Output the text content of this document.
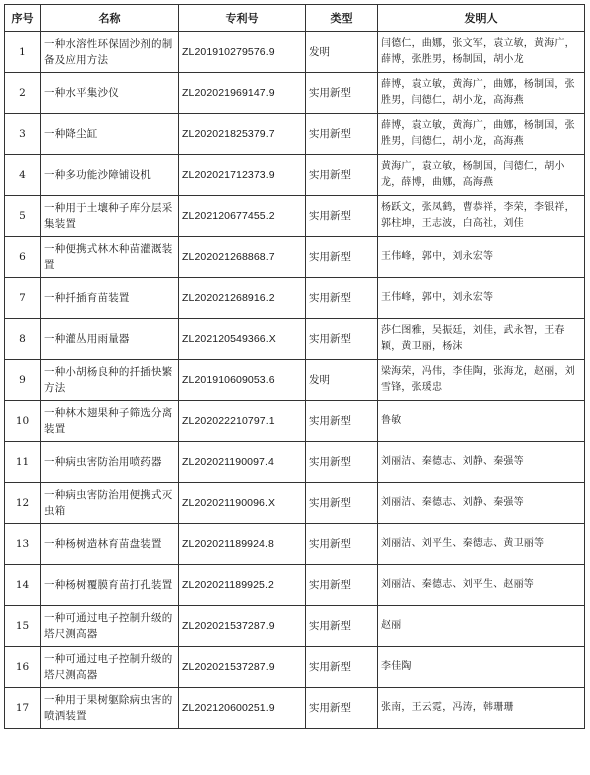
序号	名称	专利号	类型	发明人
1	一种水溶性环保固沙剂的制备及应用方法	ZL201910279576.9	发明	闫德仁，曲娜，张文军，袁立敏，黄海广，薛博，张胜男，杨制国，胡小龙
2	一种水平集沙仪	ZL202021969147.9	实用新型	薛博，袁立敏，黄海广，曲娜，杨制国，张胜男，闫德仁，胡小龙，高海燕
3	一种降尘缸	ZL202021825379.7	实用新型	薛博，袁立敏，黄海广，曲娜，杨制国，张胜男，闫德仁，胡小龙，高海燕
4	一种多功能沙障铺设机	ZL202021712373.9	实用新型	黄海广，袁立敏，杨制国，闫德仁，胡小龙，薛博，曲娜，高海燕
5	一种用于土壤种子库分层采集装置	ZL202120677455.2	实用新型	杨跃文，张凤鹤，曹恭祥，李荣，李银祥，郭柱坤，王志波，白高社，刘佳
6	一种便携式林木种苗灌溉装置	ZL202021268868.7	实用新型	王伟峰，郭中，刘永宏等
7	一种扦插育苗装置	ZL202021268916.2	实用新型	王伟峰，郭中，刘永宏等
8	一种灌丛用雨量器	ZL202120549366.X	实用新型	莎仁图雅，吴振廷，刘佳，武永智，王春颖，黄卫丽，杨沫
9	一种小胡杨良种的扦插快繁方法	ZL201910609053.6	发明	梁海荣，冯伟，李佳陶，张海龙，赵丽，刘雪锋，张瑗忠
10	一种林木翅果种子筛选分离装置	ZL202022210797.1	实用新型	鲁敏
11	一种病虫害防治用喷药器	ZL202021190097.4	实用新型	刘丽洁、秦德志、刘静、秦强等
12	一种病虫害防治用便携式灭虫箱	ZL202021190096.X	实用新型	刘丽洁、秦德志、刘静、秦强等
13	一种杨树造林育苗盘装置	ZL202021189924.8	实用新型	刘丽洁、刘平生、秦德志、黄卫丽等
14	一种杨树覆膜育苗打孔装置	ZL202021189925.2	实用新型	刘丽洁、秦德志、刘平生、赵丽等
15	一种可通过电子控制升级的塔尺测高器	ZL202021537287.9	实用新型	赵丽
16	一种可通过电子控制升级的塔尺测高器	ZL202021537287.9	实用新型	李佳陶
17	一种用于果树躯除病虫害的喷洒装置	ZL202120600251.9	实用新型	张南，王云霓，冯涛，韩珊珊
